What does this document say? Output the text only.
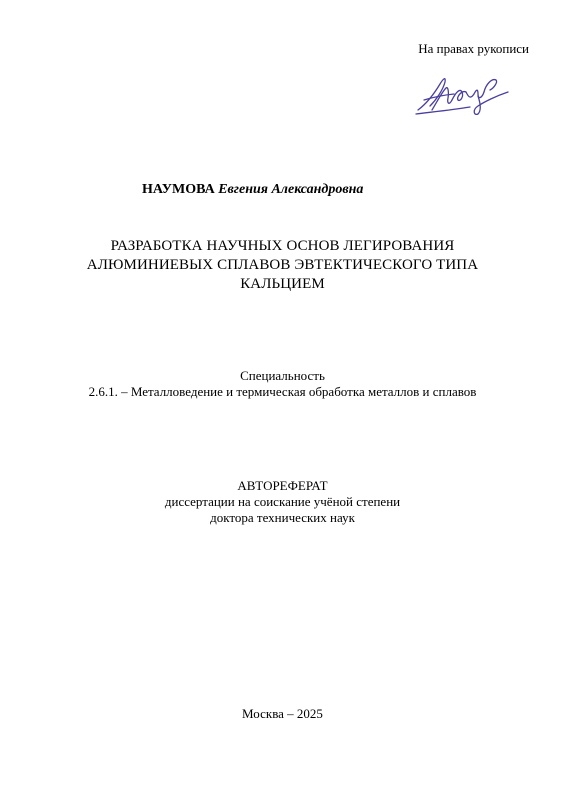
На правах рукописи
НАУМОВА Евгения Александровна
РАЗРАБОТКА НАУЧНЫХ ОСНОВ ЛЕГИРОВАНИЯ
АЛЮМИНИЕВЫХ СПЛАВОВ ЭВТЕКТИЧЕСКОГО ТИПА
КАЛЬЦИЕМ
Специальность
2.6.1. – Металловедение и термическая обработка металлов и сплавов
АВТОРЕФЕРАТ
диссертации на соискание учёной степени
доктора технических наук
Москва – 2025
